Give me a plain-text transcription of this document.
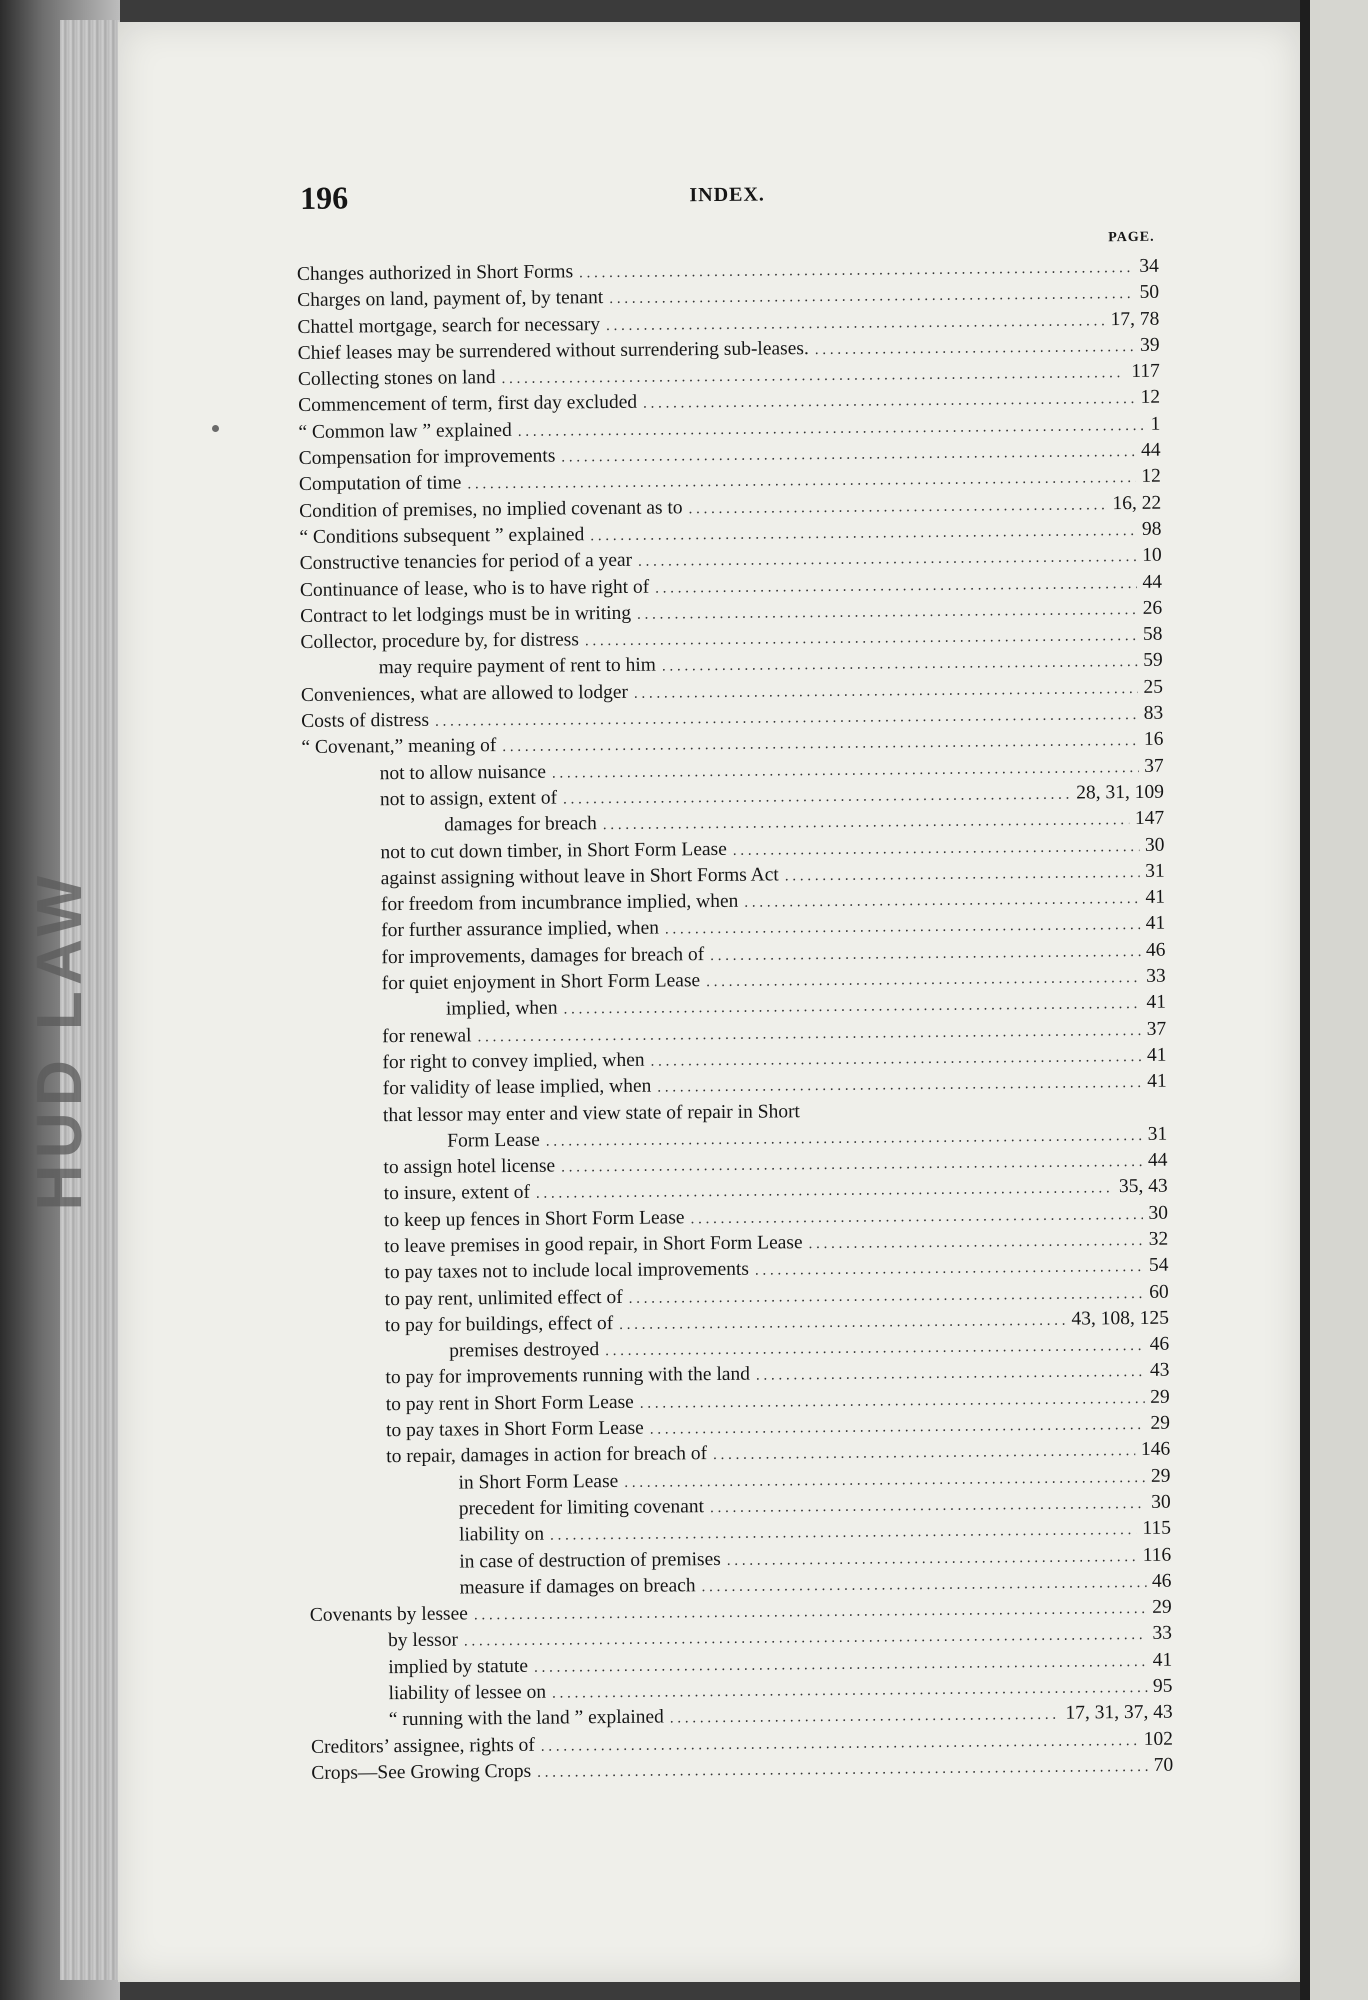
HUD LAW
196	INDEX.
PAGE.
Changes authorized in Short Forms . . .	34
Charges on land, payment of, by tenant . . .	50
Chattel mortgage, search for necessary . . .	17, 78
Chief leases may be surrendered without surrendering sub-leases. . . .	39
Collecting stones on land . . .	117
Commencement of term, first day excluded . . .	12
“ Common law ” explained . . .	1
Compensation for improvements . . .	44
Computation of time . . .	12
Condition of premises, no implied covenant as to . . .	16, 22
“ Conditions subsequent ” explained . . .	98
Constructive tenancies for period of a year . . .	10
Continuance of lease, who is to have right of . . .	44
Contract to let lodgings must be in writing . . .	26
Collector, procedure by, for distress . . .	58
may require payment of rent to him . . .	59
Conveniences, what are allowed to lodger . . .	25
Costs of distress . . .	83
“ Covenant,” meaning of . . .	16
not to allow nuisance . . .	37
not to assign, extent of . . .	28, 31, 109
damages for breach . . .	147
not to cut down timber, in Short Form Lease . . .	30
against assigning without leave in Short Forms Act . . .	31
for freedom from incumbrance implied, when . . .	41
for further assurance implied, when . . .	41
for improvements, damages for breach of . . .	46
for quiet enjoyment in Short Form Lease . . .	33
implied, when . . .	41
for renewal . . .	37
for right to convey implied, when . . .	41
for validity of lease implied, when . . .	41
that lessor may enter and view state of repair in Short
Form Lease . . .	31
to assign hotel license . . .	44
to insure, extent of . . .	35, 43
to keep up fences in Short Form Lease . . .	30
to leave premises in good repair, in Short Form Lease . . .	32
to pay taxes not to include local improvements . . .	54
to pay rent, unlimited effect of . . .	60
to pay for buildings, effect of . . .	43, 108, 125
premises destroyed . . .	46
to pay for improvements running with the land . . .	43
to pay rent in Short Form Lease . . .	29
to pay taxes in Short Form Lease . . .	29
to repair, damages in action for breach of . . .	146
in Short Form Lease . . .	29
precedent for limiting covenant . . .	30
liability on . . .	115
in case of destruction of premises . . .	116
measure if damages on breach . . .	46
Covenants by lessee . . .	29
by lessor . . .	33
implied by statute . . .	41
liability of lessee on . . .	95
“ running with the land ” explained . . .	17, 31, 37, 43
Creditors’ assignee, rights of . . .	102
Crops—See Growing Crops . . .	70
